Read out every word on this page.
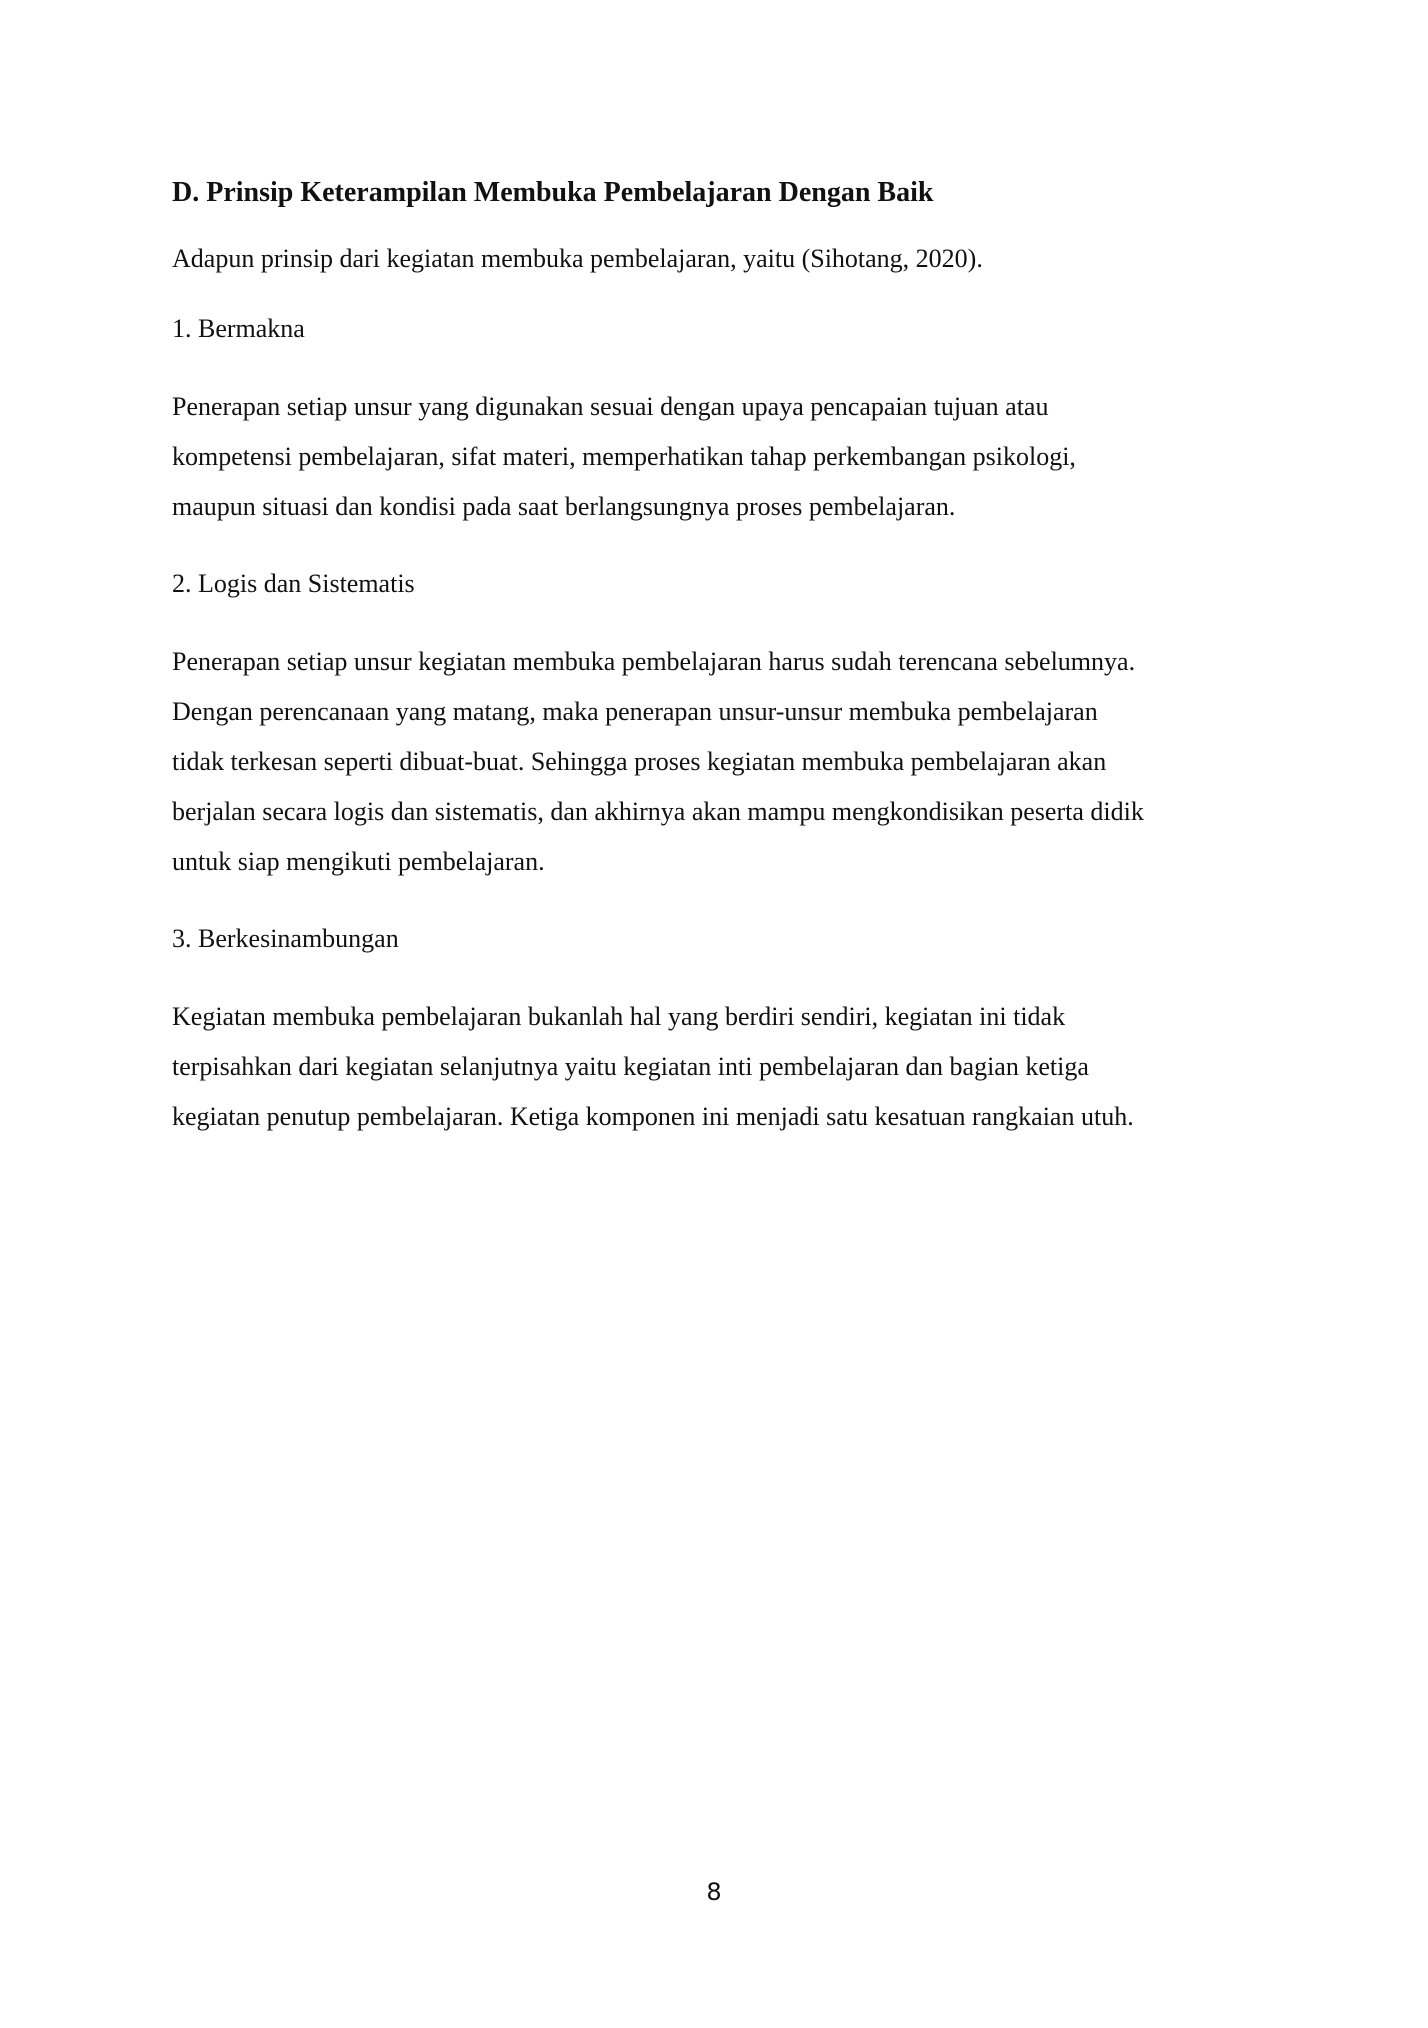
D. Prinsip Keterampilan Membuka Pembelajaran Dengan Baik

Adapun prinsip dari kegiatan membuka pembelajaran, yaitu (Sihotang, 2020).

1. Bermakna

Penerapan setiap unsur yang digunakan sesuai dengan upaya pencapaian tujuan atau
kompetensi pembelajaran, sifat materi, memperhatikan tahap perkembangan psikologi,
maupun situasi dan kondisi pada saat berlangsungnya proses pembelajaran.

2. Logis dan Sistematis

Penerapan setiap unsur kegiatan membuka pembelajaran harus sudah terencana sebelumnya.
Dengan perencanaan yang matang, maka penerapan unsur-unsur membuka pembelajaran
tidak terkesan seperti dibuat-buat. Sehingga proses kegiatan membuka pembelajaran akan
berjalan secara logis dan sistematis, dan akhirnya akan mampu mengkondisikan peserta didik
untuk siap mengikuti pembelajaran.

3. Berkesinambungan

Kegiatan membuka pembelajaran bukanlah hal yang berdiri sendiri, kegiatan ini tidak
terpisahkan dari kegiatan selanjutnya yaitu kegiatan inti pembelajaran dan bagian ketiga
kegiatan penutup pembelajaran. Ketiga komponen ini menjadi satu kesatuan rangkaian utuh.

8
